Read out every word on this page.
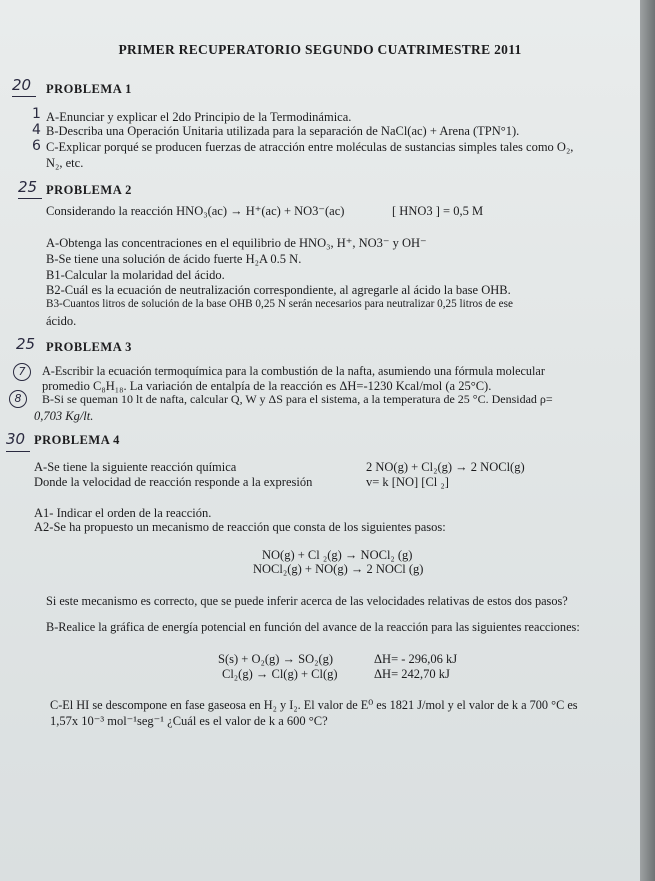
PRIMER RECUPERATORIO SEGUNDO CUATRIMESTRE 2011
20 PROBLEMA 1
1
4
6
A-Enunciar y explicar el 2do Principio de la Termodinámica.
B-Describa una Operación Unitaria utilizada para la separación de NaCl(ac) + Arena (TPN°1).
C-Explicar porqué se producen fuerzas de atracción entre moléculas de sustancias simples tales como O₂,
N₂, etc.
25 PROBLEMA 2
Considerando la reacción HNO₃(ac) → H⁺(ac) + NO3⁻(ac)	[ HNO3 ] = 0,5 M
A-Obtenga las concentraciones en el equilibrio de HNO₃, H⁺, NO3⁻ y OH⁻
B-Se tiene una solución de ácido fuerte H₂A 0.5 N.
B1-Calcular la molaridad del ácido.
B2-Cuál es la ecuación de neutralización correspondiente, al agregarle al ácido la base OHB.
B3-Cuantos litros de solución de la base OHB 0,25 N serán necesarios para neutralizar 0,25 litros de ese
ácido.
25 PROBLEMA 3
7
8
A-Escribir la ecuación termoquímica para la combustión de la nafta, asumiendo una fórmula molecular
promedio C₈H₁₈. La variación de entalpía de la reacción es ΔH=-1230 Kcal/mol (a 25°C).
B-Si se queman 10 lt de nafta, calcular Q, W y ΔS para el sistema, a la temperatura de 25 °C. Densidad ρ=
0,703 Kg/lt.
30 PROBLEMA 4
A-Se tiene la siguiente reacción química	2 NO(g) + Cl₂(g) → 2 NOCl(g)
Donde la velocidad de reacción responde a la expresión	v= k [NO] [Cl ₂]
A1- Indicar el orden de la reacción.
A2-Se ha propuesto un mecanismo de reacción que consta de los siguientes pasos:
NO(g) + Cl ₂(g) → NOCl₂ (g)
NOCl₂(g) + NO(g) → 2 NOCl (g)
Si este mecanismo es correcto, que se puede inferir acerca de las velocidades relativas de estos dos pasos?
B-Realice la gráfica de energía potencial en función del avance de la reacción para las siguientes reacciones:
S(s) + O₂(g) → SO₂(g)	ΔH= - 296,06 kJ
Cl₂(g) → Cl(g) + Cl(g)	ΔH= 242,70 kJ
C-El HI se descompone en fase gaseosa en H₂ y I₂. El valor de E⁰ es 1821 J/mol y el valor de k a 700 °C es
1,57x 10⁻³ mol⁻¹seg⁻¹ ¿Cuál es el valor de k a 600 °C?
